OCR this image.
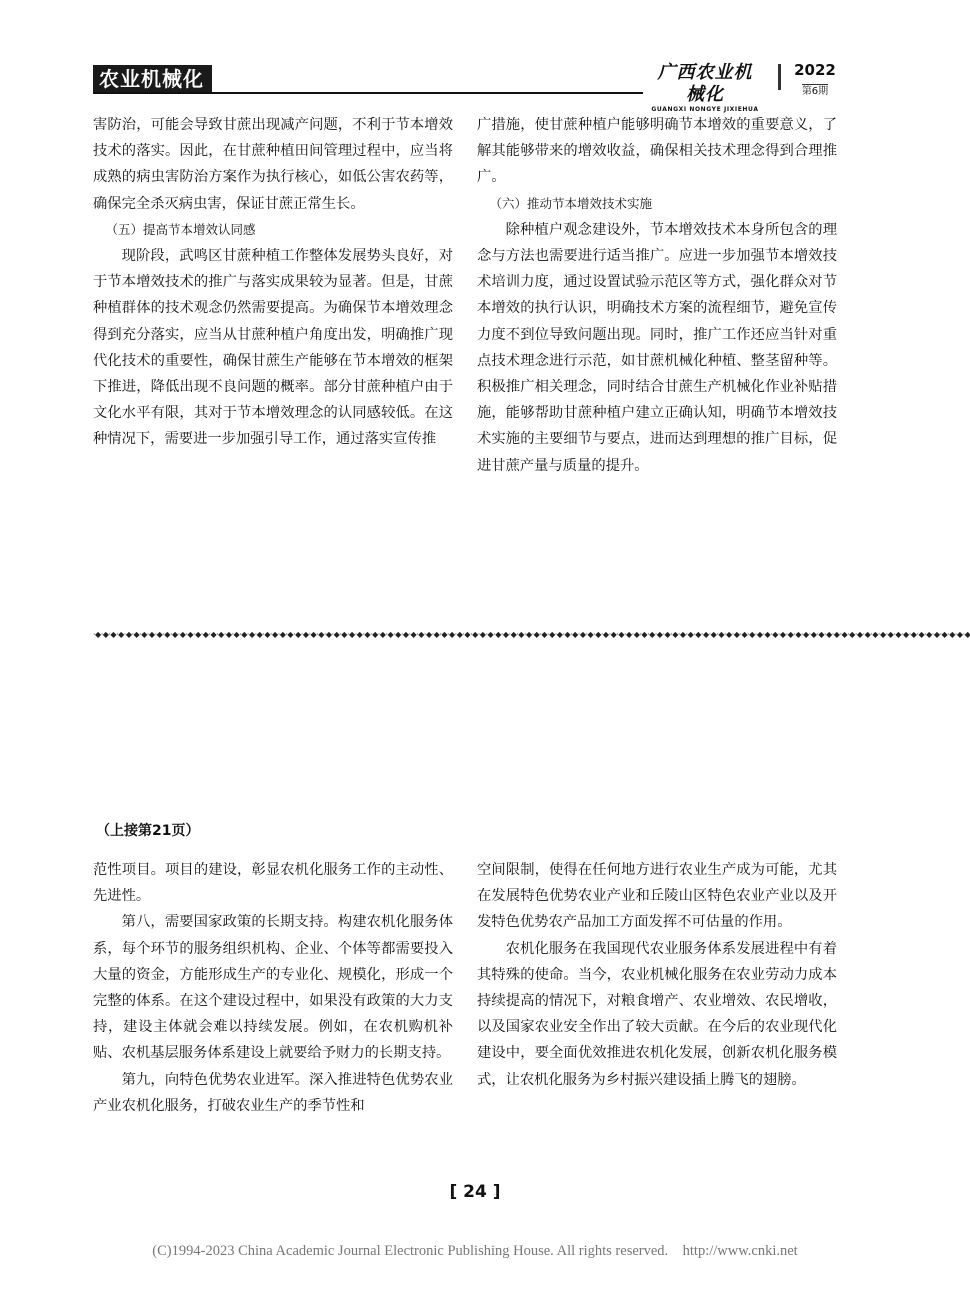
农业机械化	广西农业机械化
GUANGXI NONGYE JIXIEHUA
2022
第6期

害防治，可能会导致甘蔗出现减产问题，不利于节本增效技术的落实。因此，在甘蔗种植田间管理过程中，应当将成熟的病虫害防治方案作为执行核心，如低公害农药等，确保完全杀灭病虫害，保证甘蔗正常生长。

（五）提高节本增效认同感

现阶段，武鸣区甘蔗种植工作整体发展势头良好，对于节本增效技术的推广与落实成果较为显著。但是，甘蔗种植群体的技术观念仍然需要提高。为确保节本增效理念得到充分落实，应当从甘蔗种植户角度出发，明确推广现代化技术的重要性，确保甘蔗生产能够在节本增效的框架下推进，降低出现不良问题的概率。部分甘蔗种植户由于文化水平有限，其对于节本增效理念的认同感较低。在这种情况下，需要进一步加强引导工作，通过落实宣传推

广措施，使甘蔗种植户能够明确节本增效的重要意义，了解其能够带来的增效收益，确保相关技术理念得到合理推广。

（六）推动节本增效技术实施

除种植户观念建设外，节本增效技术本身所包含的理念与方法也需要进行适当推广。应进一步加强节本增效技术培训力度，通过设置试验示范区等方式，强化群众对节本增效的执行认识，明确技术方案的流程细节，避免宣传力度不到位导致问题出现。同时，推广工作还应当针对重点技术理念进行示范，如甘蔗机械化种植、整茎留种等。积极推广相关理念，同时结合甘蔗生产机械化作业补贴措施，能够帮助甘蔗种植户建立正确认知，明确节本增效技术实施的主要细节与要点，进而达到理想的推广目标，促进甘蔗产量与质量的提升。

·◆·◆·◆·◆·◆·◆·◆·◆·◆·◆·◆·◆·◆·◆·◆·◆·◆·◆·◆·◆·◆·◆·◆·◆·◆·◆·◆·◆·◆·◆·◆·◆·◆·◆·◆·◆·◆·◆·◆·◆·◆·◆·◆·◆·◆·◆·◆·◆·◆·◆·◆·◆·◆·◆·◆·◆·◆·◆·◆·◆·◆·◆·◆·◆·◆·◆·◆·◆·◆·◆·◆·◆·◆·◆·◆·◆·◆·◆·◆·◆·◆·◆·◆·◆·◆·◆·◆·◆·◆·◆·◆·◆·◆·◆·◆·◆·◆·◆·◆·◆·◆·◆·◆·◆·◆·◆·◆·◆·◆·◆·◆·◆·◆·◆
（上接第21页）

范性项目。项目的建设，彰显农机化服务工作的主动性、先进性。

第八，需要国家政策的长期支持。构建农机化服务体系，每个环节的服务组织机构、企业、个体等都需要投入大量的资金，方能形成生产的专业化、规模化，形成一个完整的体系。在这个建设过程中，如果没有政策的大力支持，建设主体就会难以持续发展。例如，在农机购机补贴、农机基层服务体系建设上就要给予财力的长期支持。

第九，向特色优势农业进军。深入推进特色优势农业产业农机化服务，打破农业生产的季节性和

空间限制，使得在任何地方进行农业生产成为可能，尤其在发展特色优势农业产业和丘陵山区特色农业产业以及开发特色优势农产品加工方面发挥不可估量的作用。

农机化服务在我国现代农业服务体系发展进程中有着其特殊的使命。当今，农业机械化服务在农业劳动力成本持续提高的情况下，对粮食增产、农业增效、农民增收，以及国家农业安全作出了较大贡献。在今后的农业现代化建设中，要全面优效推进农机化发展，创新农机化服务模式，让农机化服务为乡村振兴建设插上腾飞的翅膀。

[ 24 ]
(C)1994-2023 China Academic Journal Electronic Publishing House. All rights reserved.    http://www.cnki.net
